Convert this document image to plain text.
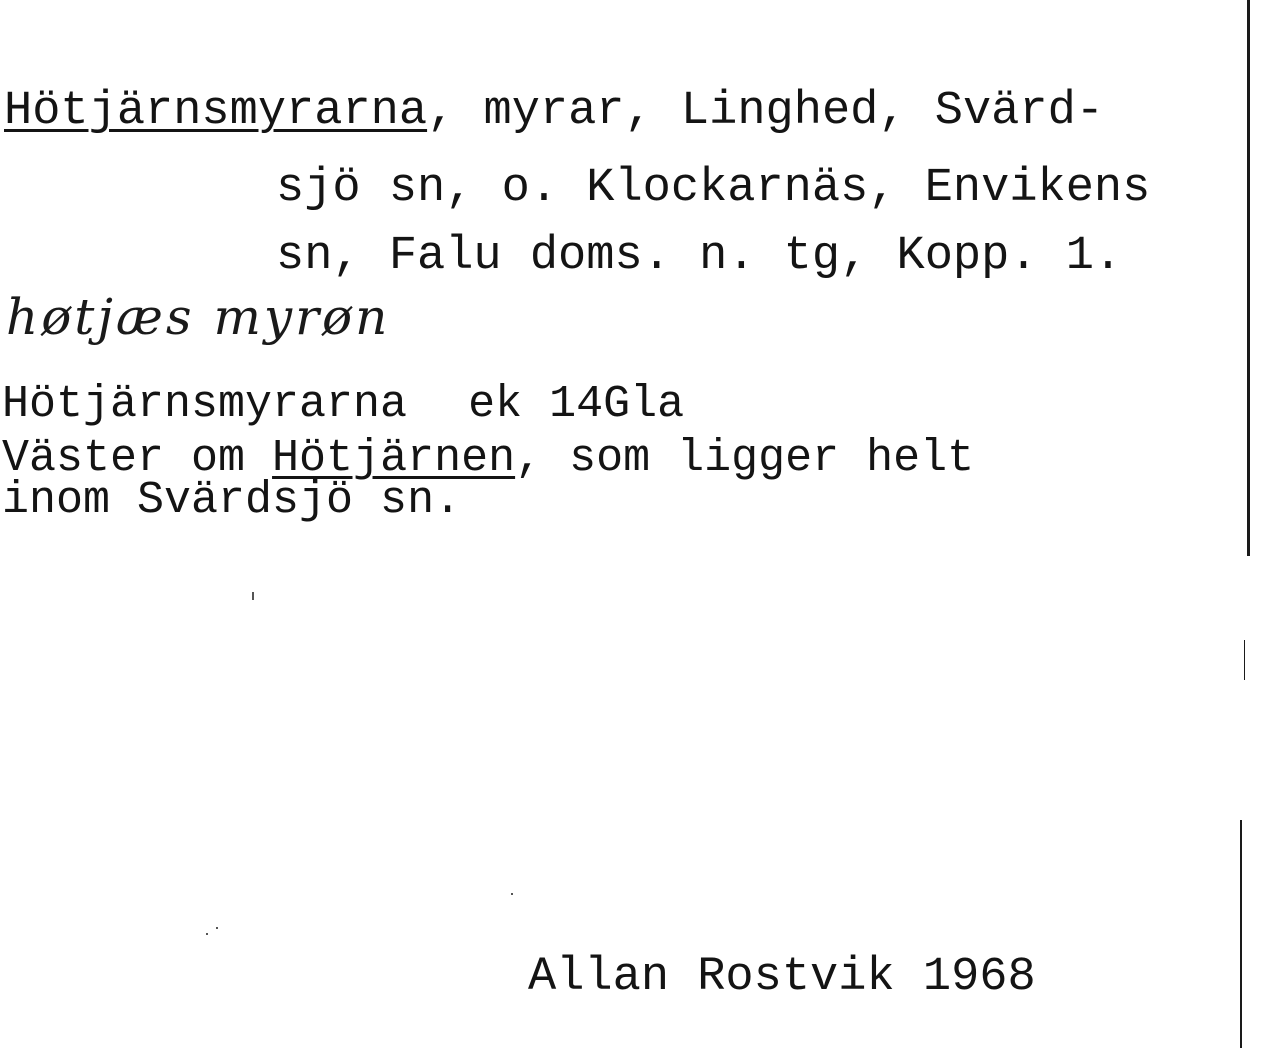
Hötjärnsmyrarna, myrar, Linghed, Svärd-
sjö sn, o. Klockarnäs, Envikens
sn, Falu doms. n. tg, Kopp. 1.
høtjæs myrøn
Hötjärnsmyrarna ek 14Gla
Väster om Hötjärnen, som ligger helt
inom Svärdsjö sn.
Allan Rostvik 1968
